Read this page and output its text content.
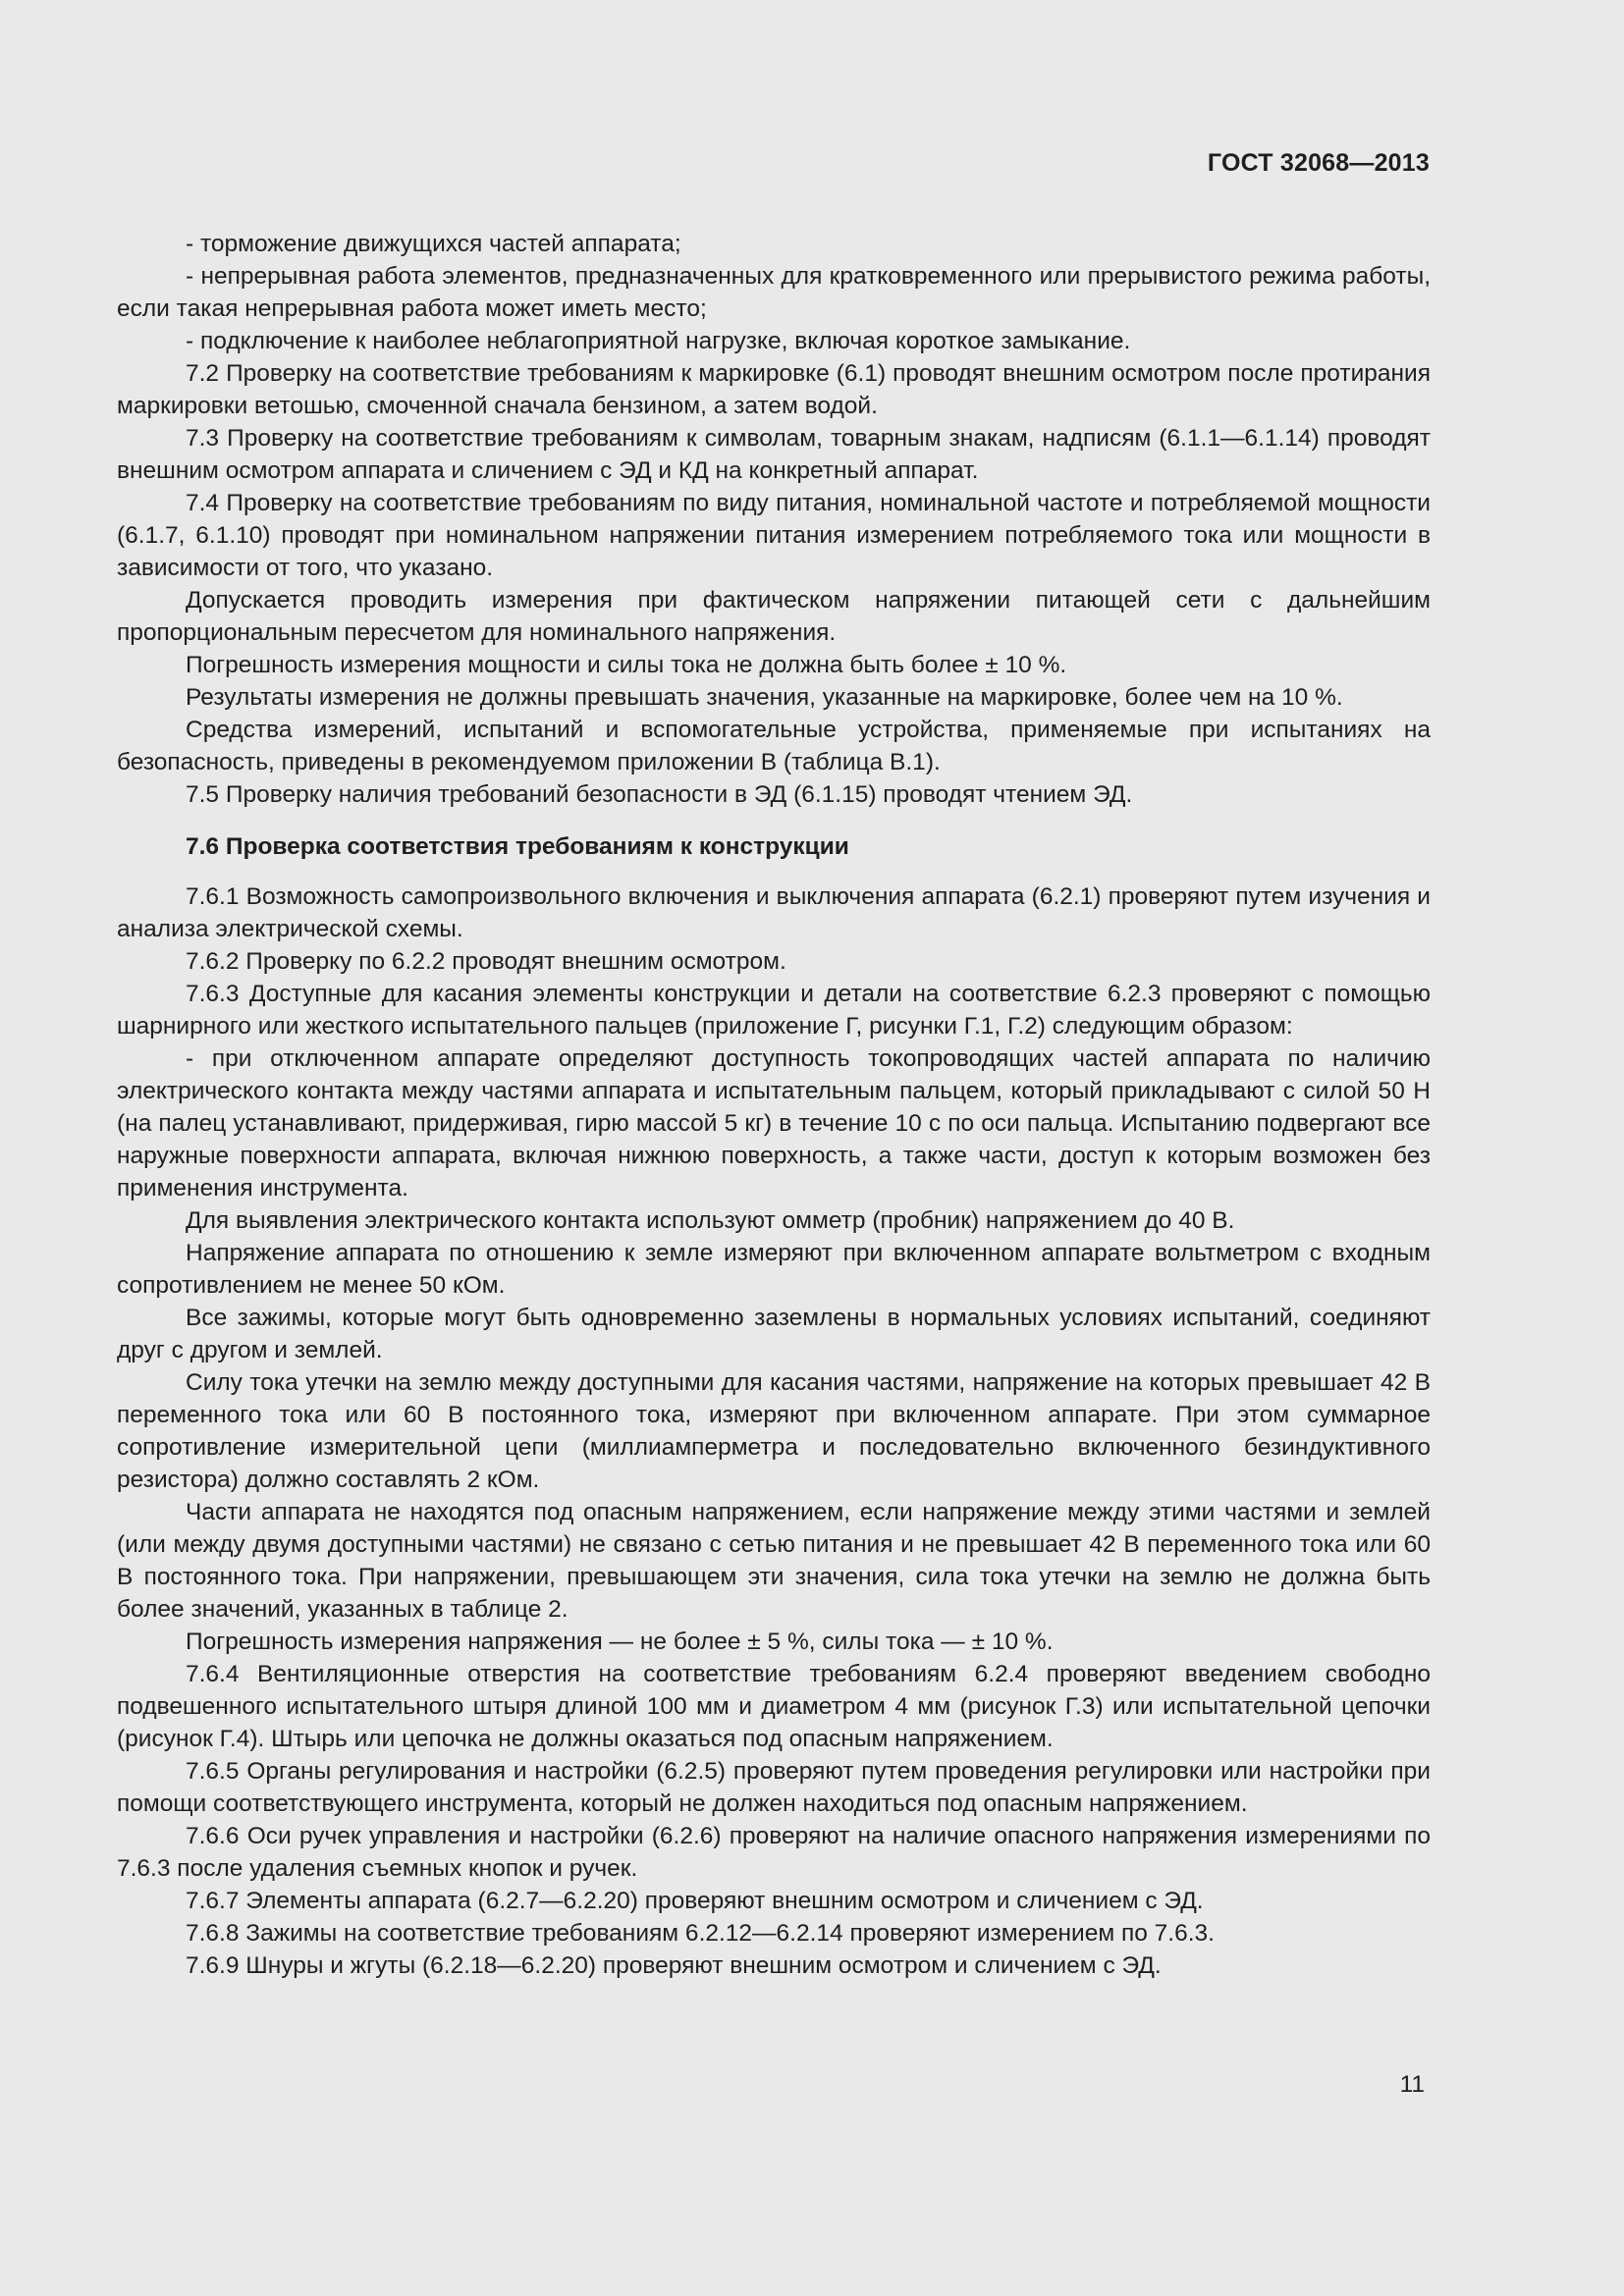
ГОСТ 32068—2013

- торможение движущихся частей аппарата;

- непрерывная работа элементов, предназначенных для кратковременного или прерывистого режима работы, если такая непрерывная работа может иметь место;

- подключение к наиболее неблагоприятной нагрузке, включая короткое замыкание.

7.2 Проверку на соответствие требованиям к маркировке (6.1) проводят внешним осмотром после протирания маркировки ветошью, смоченной сначала бензином, а затем водой.

7.3 Проверку на соответствие требованиям к символам, товарным знакам, надписям (6.1.1—6.1.14) проводят внешним осмотром аппарата и сличением с ЭД и КД на конкретный аппарат.

7.4 Проверку на соответствие требованиям по виду питания, номинальной частоте и потребляемой мощности (6.1.7, 6.1.10) проводят при номинальном напряжении питания измерением потребляемого тока или мощности в зависимости от того, что указано.

Допускается проводить измерения при фактическом напряжении питающей сети с дальнейшим пропорциональным пересчетом для номинального напряжения.

Погрешность измерения мощности и силы тока не должна быть более ± 10 %.

Результаты измерения не должны превышать значения, указанные на маркировке, более чем на 10 %.

Средства измерений, испытаний и вспомогательные устройства, применяемые при испытаниях на безопасность, приведены в рекомендуемом приложении В (таблица В.1).

7.5 Проверку наличия требований безопасности в ЭД (6.1.15) проводят чтением ЭД.

7.6 Проверка соответствия требованиям к конструкции

7.6.1 Возможность самопроизвольного включения и выключения аппарата (6.2.1) проверяют путем изучения и анализа электрической схемы.

7.6.2 Проверку по 6.2.2 проводят внешним осмотром.

7.6.3 Доступные для касания элементы конструкции и детали на соответствие 6.2.3 проверяют с помощью шарнирного или жесткого испытательного пальцев (приложение Г, рисунки Г.1, Г.2) следующим образом:

- при отключенном аппарате определяют доступность токопроводящих частей аппарата по наличию электрического контакта между частями аппарата и испытательным пальцем, который прикладывают с силой 50 Н (на палец устанавливают, придерживая, гирю массой 5 кг) в течение 10 с по оси пальца. Испытанию подвергают все наружные поверхности аппарата, включая нижнюю поверхность, а также части, доступ к которым возможен без применения инструмента.

Для выявления электрического контакта используют омметр (пробник) напряжением до 40 В.

Напряжение аппарата по отношению к земле измеряют при включенном аппарате вольтметром с входным сопротивлением не менее 50 кОм.

Все зажимы, которые могут быть одновременно заземлены в нормальных условиях испытаний, соединяют друг с другом и землей.

Силу тока утечки на землю между доступными для касания частями, напряжение на которых превышает 42 В переменного тока или 60 В постоянного тока, измеряют при включенном аппарате. При этом суммарное сопротивление измерительной цепи (миллиамперметра и последовательно включенного безиндуктивного резистора) должно составлять 2 кОм.

Части аппарата не находятся под опасным напряжением, если напряжение между этими частями и землей (или между двумя доступными частями) не связано с сетью питания и не превышает 42 В переменного тока или 60 В постоянного тока. При напряжении, превышающем эти значения, сила тока утечки на землю не должна быть более значений, указанных в таблице 2.

Погрешность измерения напряжения — не более ± 5 %, силы тока — ± 10 %.

7.6.4 Вентиляционные отверстия на соответствие требованиям 6.2.4 проверяют введением свободно подвешенного испытательного штыря длиной 100 мм и диаметром 4 мм (рисунок Г.3) или испытательной цепочки (рисунок Г.4). Штырь или цепочка не должны оказаться под опасным напряжением.

7.6.5 Органы регулирования и настройки (6.2.5) проверяют путем проведения регулировки или настройки при помощи соответствующего инструмента, который не должен находиться под опасным напряжением.

7.6.6 Оси ручек управления и настройки (6.2.6) проверяют на наличие опасного напряжения измерениями по 7.6.3 после удаления съемных кнопок и ручек.

7.6.7 Элементы аппарата (6.2.7—6.2.20) проверяют внешним осмотром и сличением с ЭД.

7.6.8 Зажимы на соответствие требованиям 6.2.12—6.2.14 проверяют измерением по 7.6.3.

7.6.9 Шнуры и жгуты (6.2.18—6.2.20) проверяют внешним осмотром и сличением с ЭД.

11
